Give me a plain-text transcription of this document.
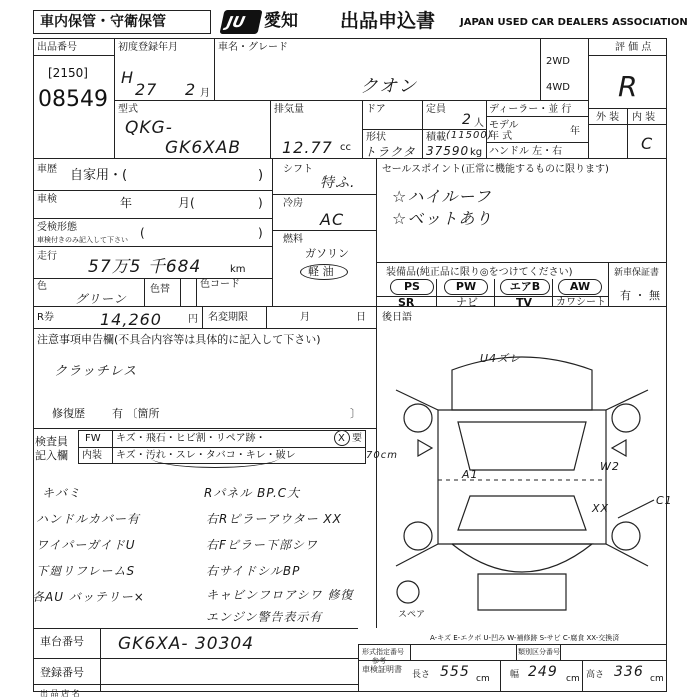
車内保管・守衛保管	JU 愛知 出品申込書 JAPAN USED CAR DEALERS ASSOCIATION
出品番号
[2150]
08549
初度登録年月
H
27 2 月
車名・グレード
クオン
2WD
4WD
評 価 点
R
外 装 内 装
C
型式
QKG-
GK6XAB
排気量
12.77 cc
ドア
形状
トラクタ
定員
2 人
積載 (11500)
37590 kg
ディーラー・並 行
モデル 年 式	年
ハンドル 左・右
車歴 自家用・(	)
車検	年	月(	)
受検形態
車検付きのみ記入して下さい (	)
走行
57万5 千684	km
色
グリーン
色替	色コード
シフト
特ふ.
冷房
AC
燃料
ガソリン
軽 油
セールスポイント(正常に機能するものに限ります)
☆ハイルーフ
☆ベットあり
装備品(純正品に限り◎をつけてください)
PS	PW	エアB	AW
SR	ナビ	TV カワシート
新車保証書
有 ・ 無
R券	14,260	円 名変期限	月	日 後日語
注意事項申告欄(不具合内容等は具体的に記入して下さい)
クラッチレス
修復歴 有 〔箇所	〕
検査員
記入欄
FW キズ・飛石・ヒビ割・リペア跡・	X 要
内装 キズ・汚れ・スレ・タバコ・キレ・破レ	70cm
キバミ
ハンドルカバー有
ワイパーガイドU
下廻リフレームS
各AU バッテリー×
Rパネル BP.C大
右Rピラーアウター XX
右Fピラー下部シワ
右サイドシルBP
キャビンフロアシワ 修復
エンジン警告表示有
U4ズレ
A1
W2
C1
XX
スペア
A-キズ E-エクボ U-凹み W-補修跡 S-サビ C-腐食 XX-交換済
車台番号 GK6XA- 30304
登録番号
出 品 店 名
形式指定番号
参考
類別区分番号
車検証明書
長さ 555 cm 幅 249 cm 高さ 336 cm
